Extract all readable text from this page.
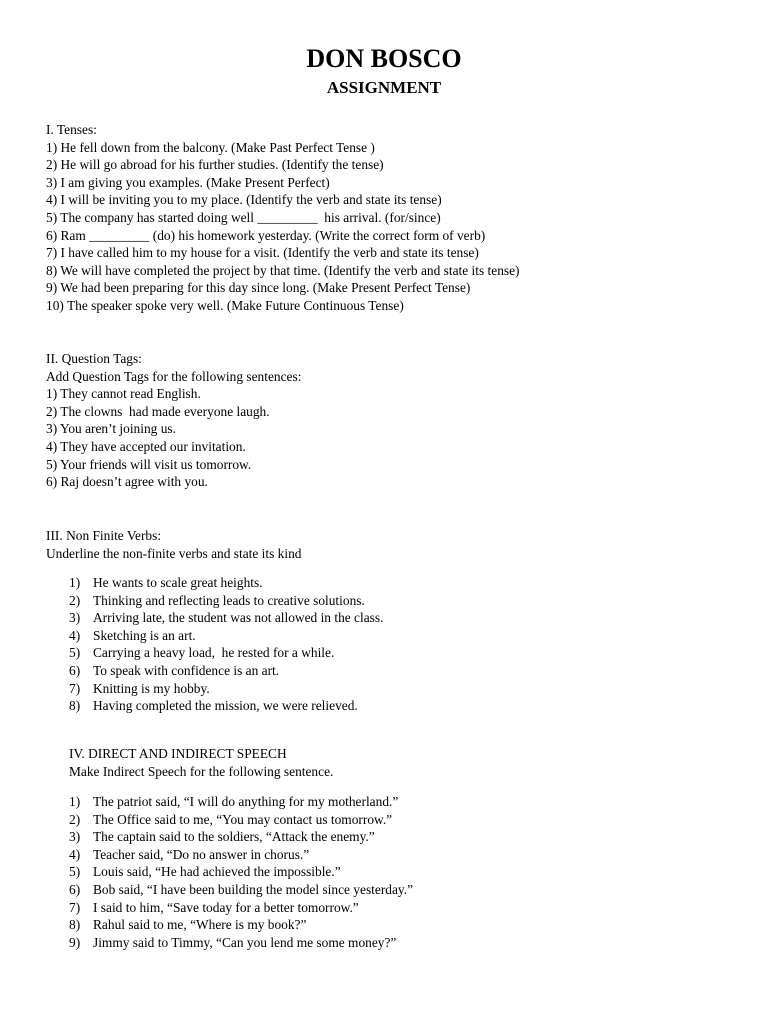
DON BOSCO
ASSIGNMENT
I. Tenses:
1) He fell down from the balcony. (Make Past Perfect Tense )
2) He will go abroad for his further studies. (Identify the tense)
3) I am giving you examples. (Make Present Perfect)
4) I will be inviting you to my place. (Identify the verb and state its tense)
5) The company has started doing well _________  his arrival. (for/since)
6) Ram _________ (do) his homework yesterday. (Write the correct form of verb)
7) I have called him to my house for a visit. (Identify the verb and state its tense)
8) We will have completed the project by that time. (Identify the verb and state its tense)
9) We had been preparing for this day since long. (Make Present Perfect Tense)
10) The speaker spoke very well. (Make Future Continuous Tense)
II. Question Tags:
Add Question Tags for the following sentences:
1) They cannot read English.
2) The clowns  had made everyone laugh.
3) You aren’t joining us.
4) They have accepted our invitation.
5) Your friends will visit us tomorrow.
6) Raj doesn’t agree with you.
III. Non Finite Verbs:
Underline the non-finite verbs and state its kind
1) He wants to scale great heights.
2) Thinking and reflecting leads to creative solutions.
3) Arriving late, the student was not allowed in the class.
4) Sketching is an art.
5) Carrying a heavy load,  he rested for a while.
6) To speak with confidence is an art.
7) Knitting is my hobby.
8) Having completed the mission, we were relieved.
IV. DIRECT AND INDIRECT SPEECH
Make Indirect Speech for the following sentence.
1) The patriot said, “I will do anything for my motherland.”
2) The Office said to me, “You may contact us tomorrow.”
3) The captain said to the soldiers, “Attack the enemy.”
4) Teacher said, “Do no answer in chorus.”
5) Louis said, “He had achieved the impossible.”
6) Bob said, “I have been building the model since yesterday.”
7) I said to him, “Save today for a better tomorrow.”
8) Rahul said to me, “Where is my book?”
9) Jimmy said to Timmy, “Can you lend me some money?”
